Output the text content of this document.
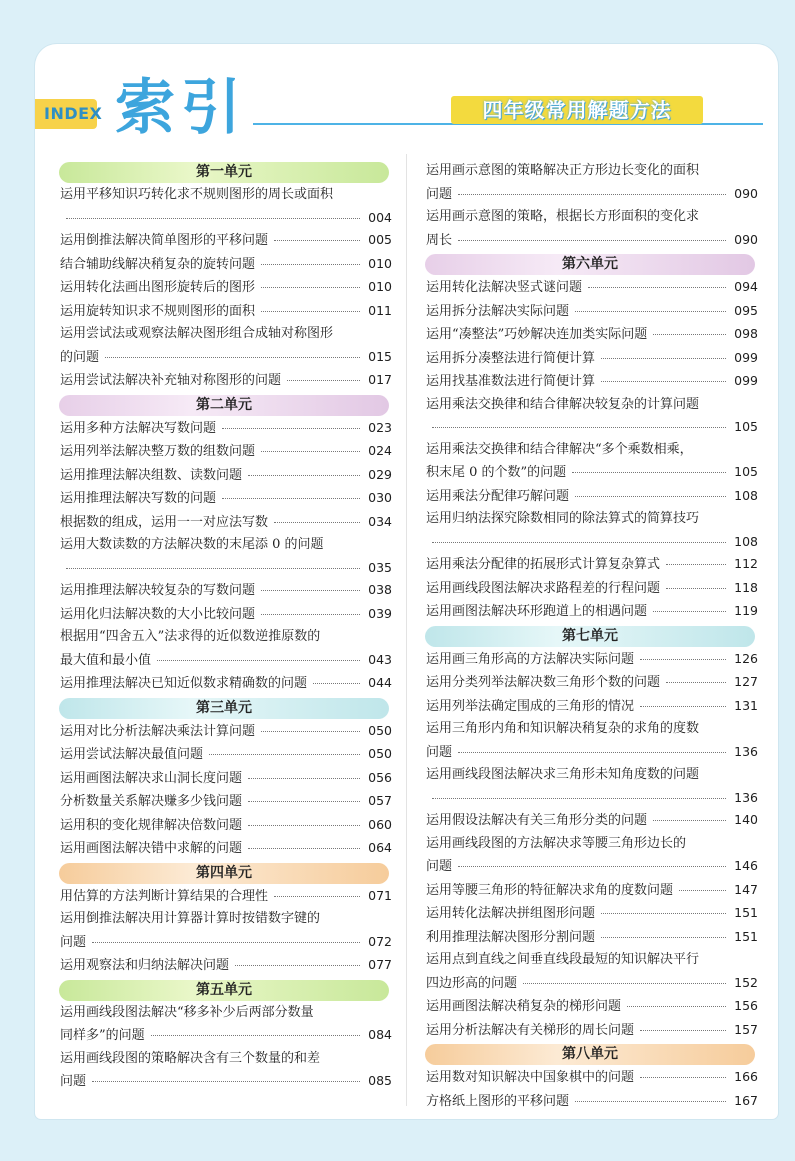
INDEX 索引	四年级常用解题方法
第一单元
运用平移知识巧转化求不规则图形的周长或面积
004
运用倒推法解决简单图形的平移问题	005
结合辅助线解决稍复杂的旋转问题	010
运用转化法画出图形旋转后的图形	010
运用旋转知识求不规则图形的面积	011
运用尝试法或观察法解决图形组合成轴对称图形
的问题	015
运用尝试法解决补充轴对称图形的问题	017
第二单元
运用多种方法解决写数问题	023
运用列举法解决整万数的组数问题	024
运用推理法解决组数、读数问题	029
运用推理法解决写数的问题	030
根据数的组成，运用一一对应法写数	034
运用大数读数的方法解决数的末尾添 0 的问题
035
运用推理法解决较复杂的写数问题	038
运用化归法解决数的大小比较问题	039
根据用“四舍五入”法求得的近似数逆推原数的
最大值和最小值	043
运用推理法解决已知近似数求精确数的问题	044
第三单元
运用对比分析法解决乘法计算问题	050
运用尝试法解决最值问题	050
运用画图法解决求山洞长度问题	056
分析数量关系解决赚多少钱问题	057
运用积的变化规律解决倍数问题	060
运用画图法解决错中求解的问题	064
第四单元
用估算的方法判断计算结果的合理性	071
运用倒推法解决用计算器计算时按错数字键的
问题	072
运用观察法和归纳法解决问题	077
第五单元
运用画线段图法解决“移多补少后两部分数量
同样多”的问题	084
运用画线段图的策略解决含有三个数量的和差
问题	085
运用画示意图的策略解决正方形边长变化的面积
问题	090
运用画示意图的策略，根据长方形面积的变化求
周长	090
第六单元
运用转化法解决竖式谜问题	094
运用拆分法解决实际问题	095
运用“凑整法”巧妙解决连加类实际问题	098
运用拆分凑整法进行简便计算	099
运用找基准数法进行简便计算	099
运用乘法交换律和结合律解决较复杂的计算问题
105
运用乘法交换律和结合律解决“多个乘数相乘，
积末尾 0 的个数”的问题	105
运用乘法分配律巧解问题	108
运用归纳法探究除数相同的除法算式的简算技巧
108
运用乘法分配律的拓展形式计算复杂算式	112
运用画线段图法解决求路程差的行程问题	118
运用画图法解决环形跑道上的相遇问题	119
第七单元
运用画三角形高的方法解决实际问题	126
运用分类列举法解决数三角形个数的问题	127
运用列举法确定围成的三角形的情况	131
运用三角形内角和知识解决稍复杂的求角的度数
问题	136
运用画线段图法解决求三角形未知角度数的问题
136
运用假设法解决有关三角形分类的问题	140
运用画线段图的方法解决求等腰三角形边长的
问题	146
运用等腰三角形的特征解决求角的度数问题	147
运用转化法解决拼组图形问题	151
利用推理法解决图形分割问题	151
运用点到直线之间垂直线段最短的知识解决平行
四边形高的问题	152
运用画图法解决稍复杂的梯形问题	156
运用分析法解决有关梯形的周长问题	157
第八单元
运用数对知识解决中国象棋中的问题	166
方格纸上图形的平移问题	167
